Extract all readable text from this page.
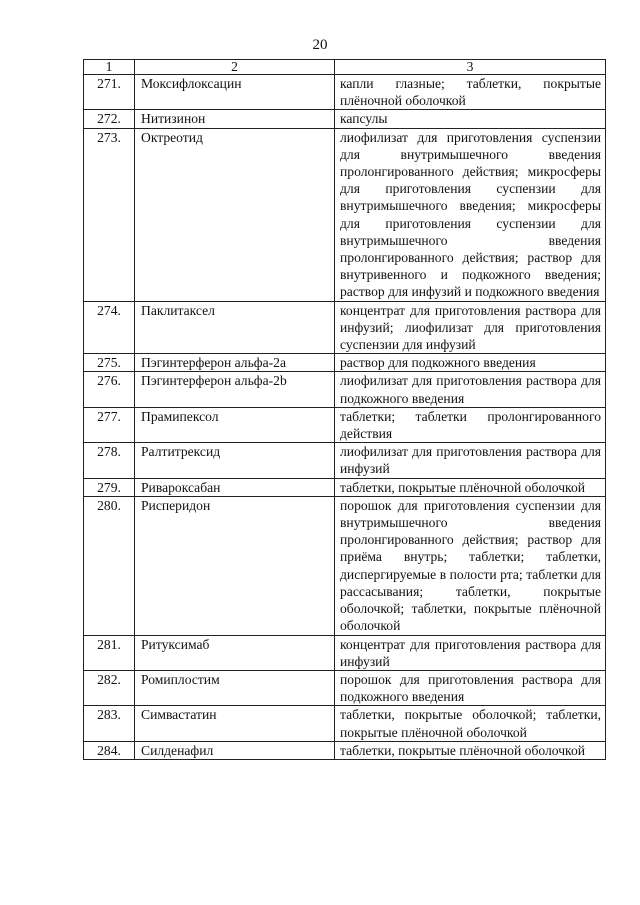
20
1	2	3
271.	Моксифлоксацин	капли глазные; таблетки, покрытые плёночной оболочкой
272.	Нитизинон	капсулы
273.	Октреотид	лиофилизат для приготовления суспензии для внутримышечного введения пролонгированного действия; микросферы для приготовления суспензии для внутримышечного введения; микросферы для приготовления суспензии для внутримышечного введения пролонгированного действия; раствор для внутривенного и подкожного введения; раствор для инфузий и подкожного введения
274.	Паклитаксел	концентрат для приготовления раствора для инфузий; лиофилизат для приготовления суспензии для инфузий
275.	Пэгинтерферон альфа-2а	раствор для подкожного введения
276.	Пэгинтерферон альфа-2b	лиофилизат для приготовления раствора для подкожного введения
277.	Прамипексол	таблетки; таблетки пролонгированного действия
278.	Ралтитрексид	лиофилизат для приготовления раствора для инфузий
279.	Ривароксабан	таблетки, покрытые плёночной оболочкой
280.	Рисперидон	порошок для приготовления суспензии для внутримышечного введения пролонгированного действия; раствор для приёма внутрь; таблетки; таблетки, диспергируемые в полости рта; таблетки для рассасывания; таблетки, покрытые оболочкой; таблетки, покрытые плёночной оболочкой
281.	Ритуксимаб	концентрат для приготовления раствора для инфузий
282.	Ромиплостим	порошок для приготовления раствора для подкожного введения
283.	Симвастатин	таблетки, покрытые оболочкой; таблетки, покрытые плёночной оболочкой
284.	Силденафил	таблетки, покрытые плёночной оболочкой
